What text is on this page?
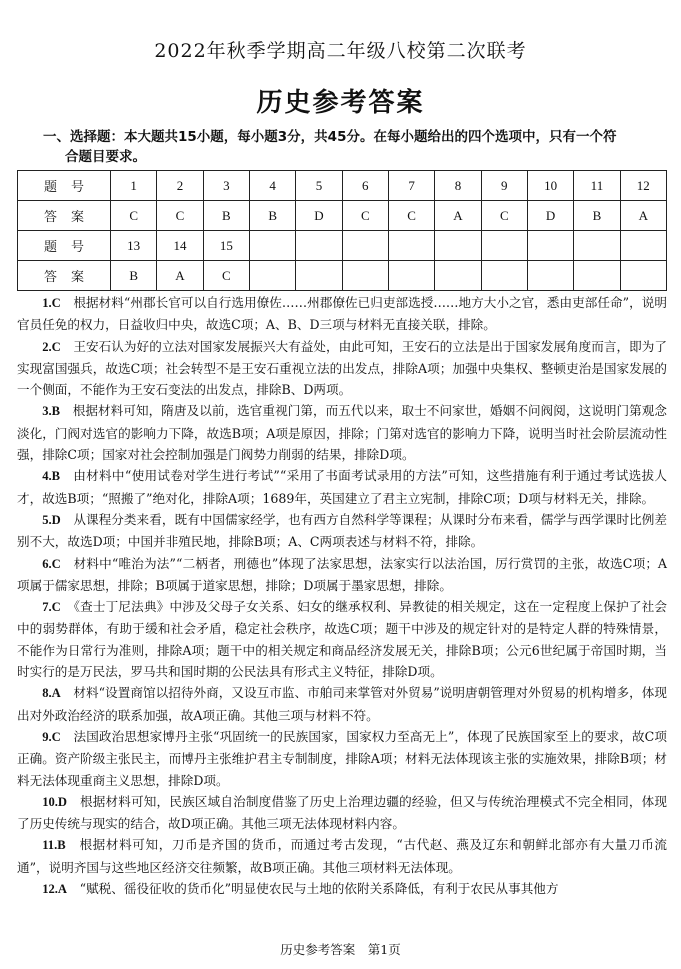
2022年秋季学期高二年级八校第二次联考
历史参考答案
一、选择题：本大题共15小题，每小题3分，共45分。在每小题给出的四个选项中，只有一个符
合题目要求。
题号	1	2	3	4	5	6	7	8	9	10	11	12
答案	C	C	B	B	D	C	C	A	C	D	B	A
题号	13	14	15									
答案	B	A	C									

1.C　 根据材料“州郡长官可以自行选用僚佐……州郡僚佐已归吏部选授……地方大小之官，悉由吏部任命”，说明官员任免的权力，日益收归中央，故选C项；A、B、D三项与材料无直接关联，排除。

2.C　 王安石认为好的立法对国家发展振兴大有益处，由此可知，王安石的立法是出于国家发展角度而言，即为了实现富国强兵，故选C项；社会转型不是王安石重视立法的出发点，排除A项；加强中央集权、整顿吏治是国家发展的一个侧面，不能作为王安石变法的出发点，排除B、D两项。

3.B　 根据材料可知，隋唐及以前，选官重视门第，而五代以来，取士不问家世，婚姻不问阀阅，这说明门第观念淡化，门阀对选官的影响力下降，故选B项；A项是原因，排除；门第对选官的影响力下降，说明当时社会阶层流动性强，排除C项；国家对社会控制加强是门阀势力削弱的结果，排除D项。

4.B　 由材料中“使用试卷对学生进行考试”“采用了书面考试录用的方法”可知，这些措施有利于通过考试选拔人才，故选B项；“照搬了”绝对化，排除A项；1689年，英国建立了君主立宪制，排除C项；D项与材料无关，排除。

5.D　 从课程分类来看，既有中国儒家经学，也有西方自然科学等课程；从课时分布来看，儒学与西学课时比例差别不大，故选D项；中国并非殖民地，排除B项；A、C两项表述与材料不符，排除。

6.C　 材料中“唯治为法”“二柄者，刑德也”体现了法家思想，法家实行以法治国，厉行赏罚的主张，故选C项；A项属于儒家思想，排除；B项属于道家思想，排除；D项属于墨家思想，排除。

7.C　 《查士丁尼法典》中涉及父母子女关系、妇女的继承权利、异教徒的相关规定，这在一定程度上保护了社会中的弱势群体，有助于缓和社会矛盾，稳定社会秩序，故选C项；题干中涉及的规定针对的是特定人群的特殊情景，不能作为日常行为准则，排除A项；题干中的相关规定和商品经济发展无关，排除B项；公元6世纪属于帝国时期，当时实行的是万民法，罗马共和国时期的公民法具有形式主义特征，排除D项。

8.A　 材料“设置商馆以招待外商，又设互市监、市舶司来掌管对外贸易”说明唐朝管理对外贸易的机构增多，体现出对外政治经济的联系加强，故A项正确。其他三项与材料不符。

9.C　 法国政治思想家博丹主张“巩固统一的民族国家，国家权力至高无上”，体现了民族国家至上的要求，故C项正确。资产阶级主张民主，而博丹主张维护君主专制制度，排除A项；材料无法体现该主张的实施效果，排除B项；材料无法体现重商主义思想，排除D项。

10.D　 根据材料可知，民族区域自治制度借鉴了历史上治理边疆的经验，但又与传统治理模式不完全相同，体现了历史传统与现实的结合，故D项正确。其他三项无法体现材料内容。

11.B　 根据材料可知，刀币是齐国的货币，而通过考古发现，“古代赵、燕及辽东和朝鲜北部亦有大量刀币流通”，说明齐国与这些地区经济交往频繁，故B项正确。其他三项材料无法体现。

12.A　 “赋税、徭役征收的货币化”明显使农民与土地的依附关系降低，有利于农民从事其他方

历史参考答案　第1页
